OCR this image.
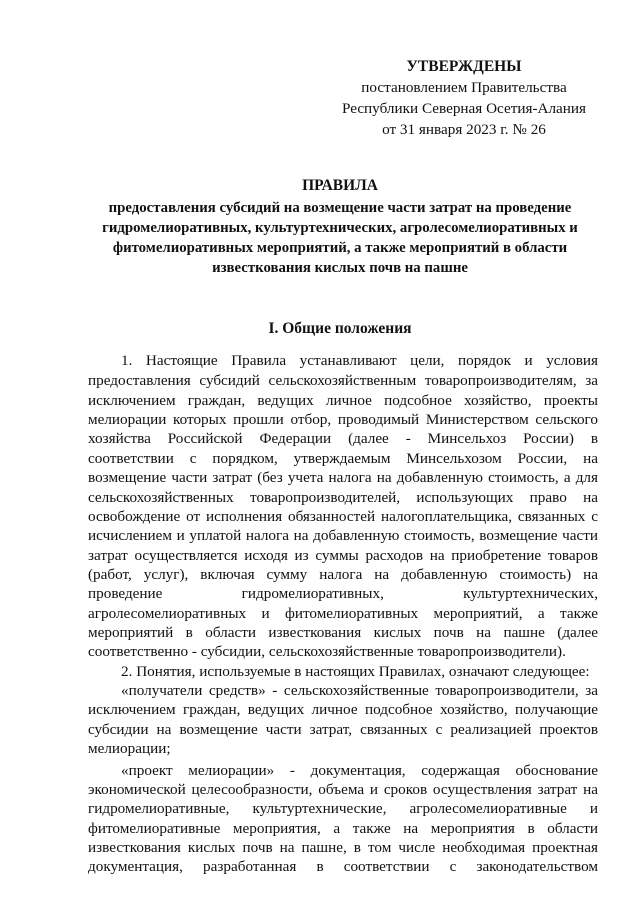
УТВЕРЖДЕНЫ
постановлением Правительства
Республики Северная Осетия-Алания
от 31 января 2023 г. № 26
ПРАВИЛА
предоставления субсидий на возмещение части затрат на проведение
гидромелиоративных, культуртехнических, агролесомелиоративных и
фитомелиоративных мероприятий, а также мероприятий в области
известкования кислых почв на пашне
I. Общие положения
1. Настоящие Правила устанавливают цели, порядок и условия
предоставления субсидий сельскохозяйственным товаропроизводителям, за
исключением граждан, ведущих личное подсобное хозяйство, проекты
мелиорации которых прошли отбор, проводимый Министерством сельского
хозяйства Российской Федерации (далее - Минсельхоз России) в
соответствии с порядком, утверждаемым Минсельхозом России, на
возмещение части затрат (без учета налога на добавленную стоимость, а для
сельскохозяйственных товаропроизводителей, использующих право на
освобождение от исполнения обязанностей налогоплательщика, связанных с
исчислением и уплатой налога на добавленную стоимость, возмещение части
затрат осуществляется исходя из суммы расходов на приобретение товаров
(работ, услуг), включая сумму налога на добавленную стоимость) на
проведение гидромелиоративных, культуртехнических,
агролесомелиоративных и фитомелиоративных мероприятий, а также
мероприятий в области известкования кислых почв на пашне (далее
соответственно - субсидии, сельскохозяйственные товаропроизводители).
2. Понятия, используемые в настоящих Правилах, означают следующее:
«получатели средств» - сельскохозяйственные товаропроизводители, за
исключением граждан, ведущих личное подсобное хозяйство, получающие
субсидии на возмещение части затрат, связанных с реализацией проектов
мелиорации;
«проект мелиорации» - документация, содержащая обоснование
экономической целесообразности, объема и сроков осуществления затрат на
гидромелиоративные, культуртехнические, агролесомелиоративные и
фитомелиоративные мероприятия, а также на мероприятия в области
известкования кислых почв на пашне, в том числе необходимая проектная
документация, разработанная в соответствии с законодательством
